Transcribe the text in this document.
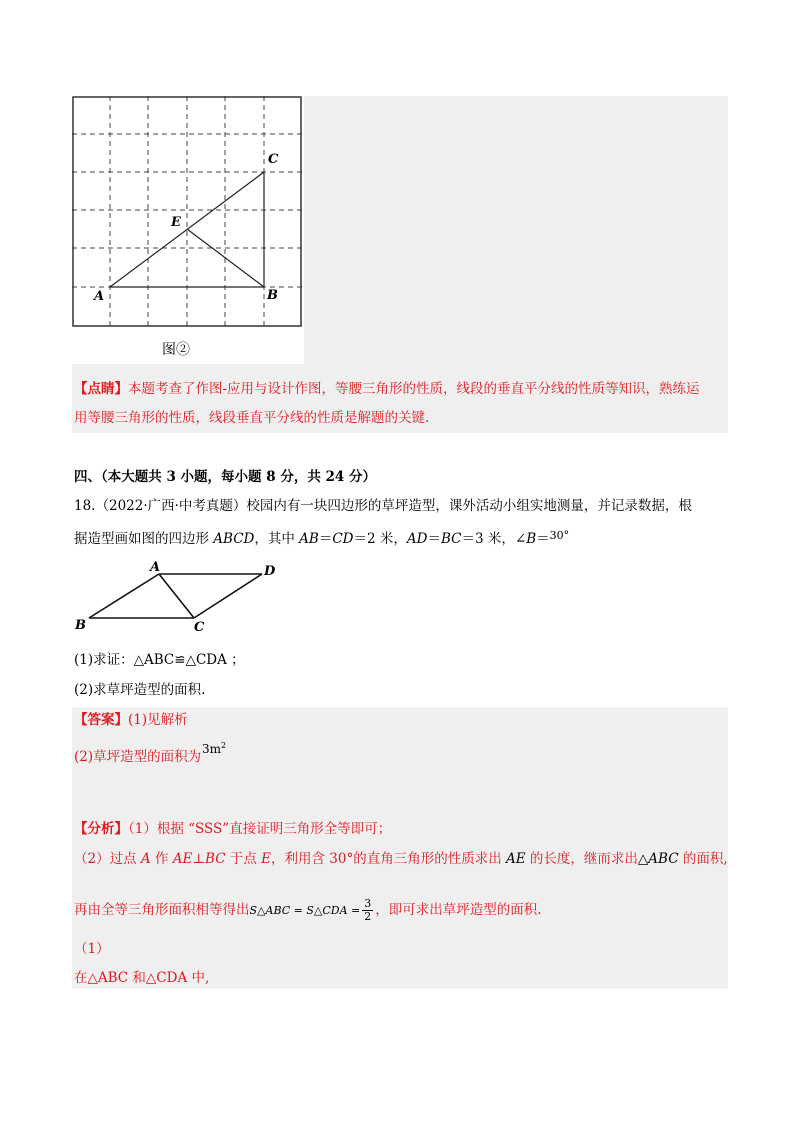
A	B
C
E
图②
【点睛】本题考查了作图-应用与设计作图，等腰三角形的性质，线段的垂直平分线的性质等知识，熟练运
用等腰三角形的性质，线段垂直平分线的性质是解题的关键.
四、（本大题共 3 小题，每小题 8 分，共 24 分）
18.（2022·广西·中考真题）校园内有一块四边形的草坪造型，课外活动小组实地测量，并记录数据，根
据造型画如图的四边形 ABCD，其中 AB＝CD＝2 米，AD＝BC＝3 米，∠B＝$^{30^\circ}$
A
B	C
D
(1)求证：△ABC≌△CDA ；
(2)求草坪造型的面积.
【答案】(1)见解析
(2)草坪造型的面积为 $3m^2$
【分析】（1）根据 “SSS”直接证明三角形全等即可；
（2）过点 A 作 AE⊥BC 于点 E，利用含 30°的直角三角形的性质求出 AE 的长度，继而求出△ABC 的面积,
再由全等三角形面积相等得出S△ABC = S△CDA = $\frac{3}{2}$ ，即可求出草坪造型的面积.
（1）
在△ABC 和△CDA 中,
